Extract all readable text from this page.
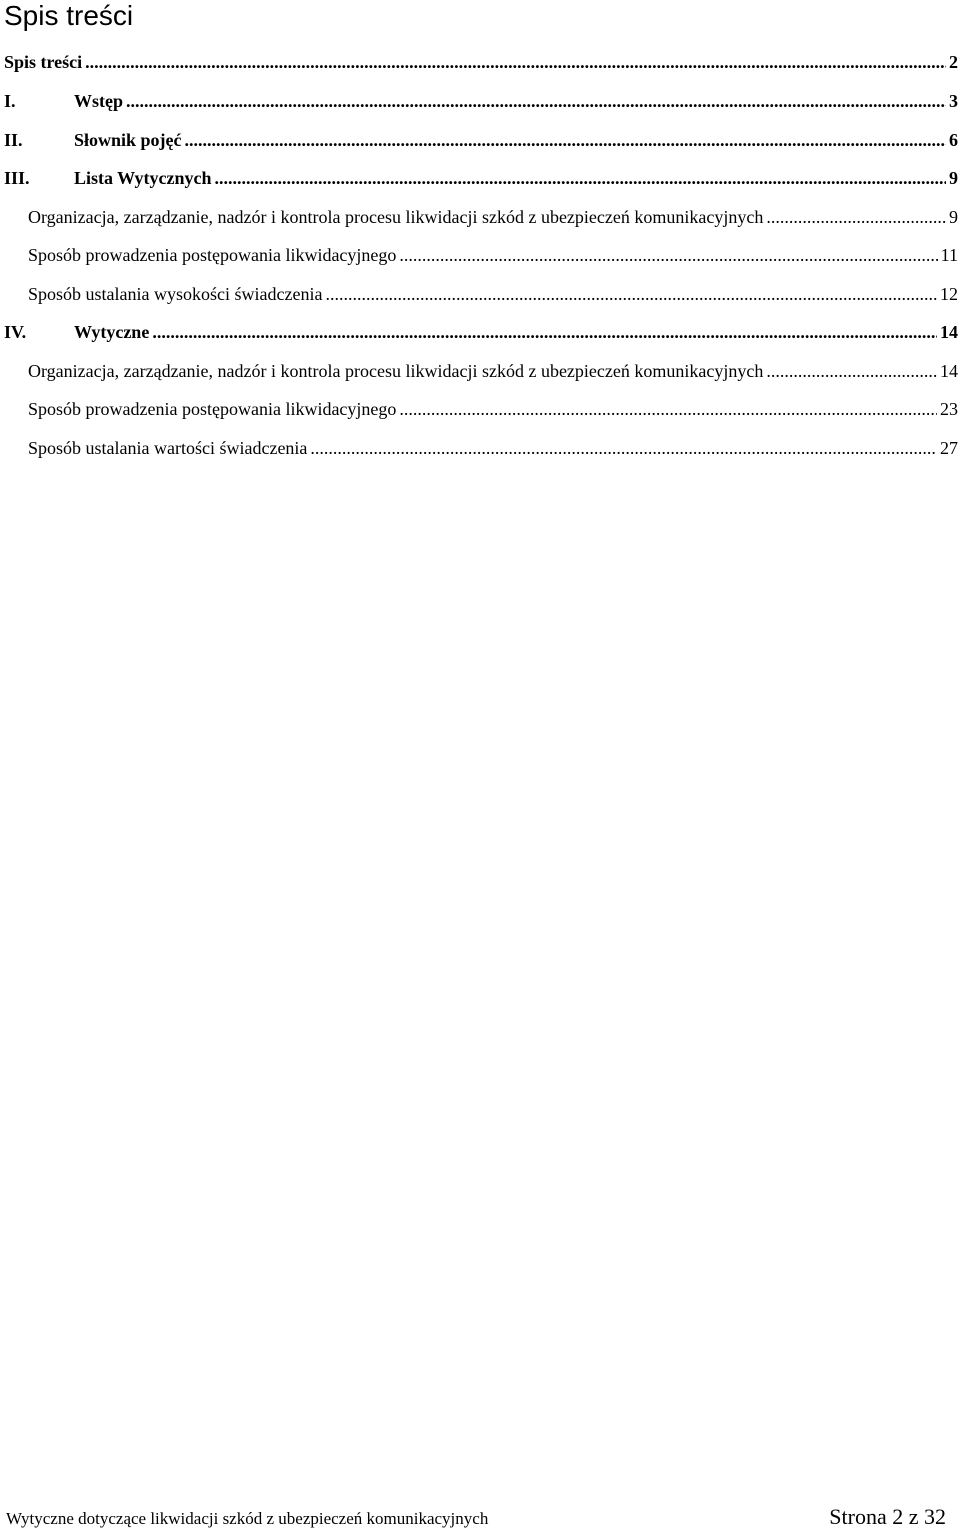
Spis treści
Spis treści .....	2
I.	Wstęp .....	3
II.	Słownik pojęć .....	6
III.	Lista Wytycznych .....	9
Organizacja, zarządzanie, nadzór i kontrola procesu likwidacji szkód z ubezpieczeń komunikacyjnych .....	9
Sposób prowadzenia postępowania likwidacyjnego .....	11
Sposób ustalania wysokości świadczenia .....	12
IV.	Wytyczne .....	14
Organizacja, zarządzanie, nadzór i kontrola procesu likwidacji szkód z ubezpieczeń komunikacyjnych .....	14
Sposób prowadzenia postępowania likwidacyjnego .....	23
Sposób ustalania wartości świadczenia .....	27
Wytyczne dotyczące likwidacji szkód z ubezpieczeń komunikacyjnych	Strona 2 z 32
